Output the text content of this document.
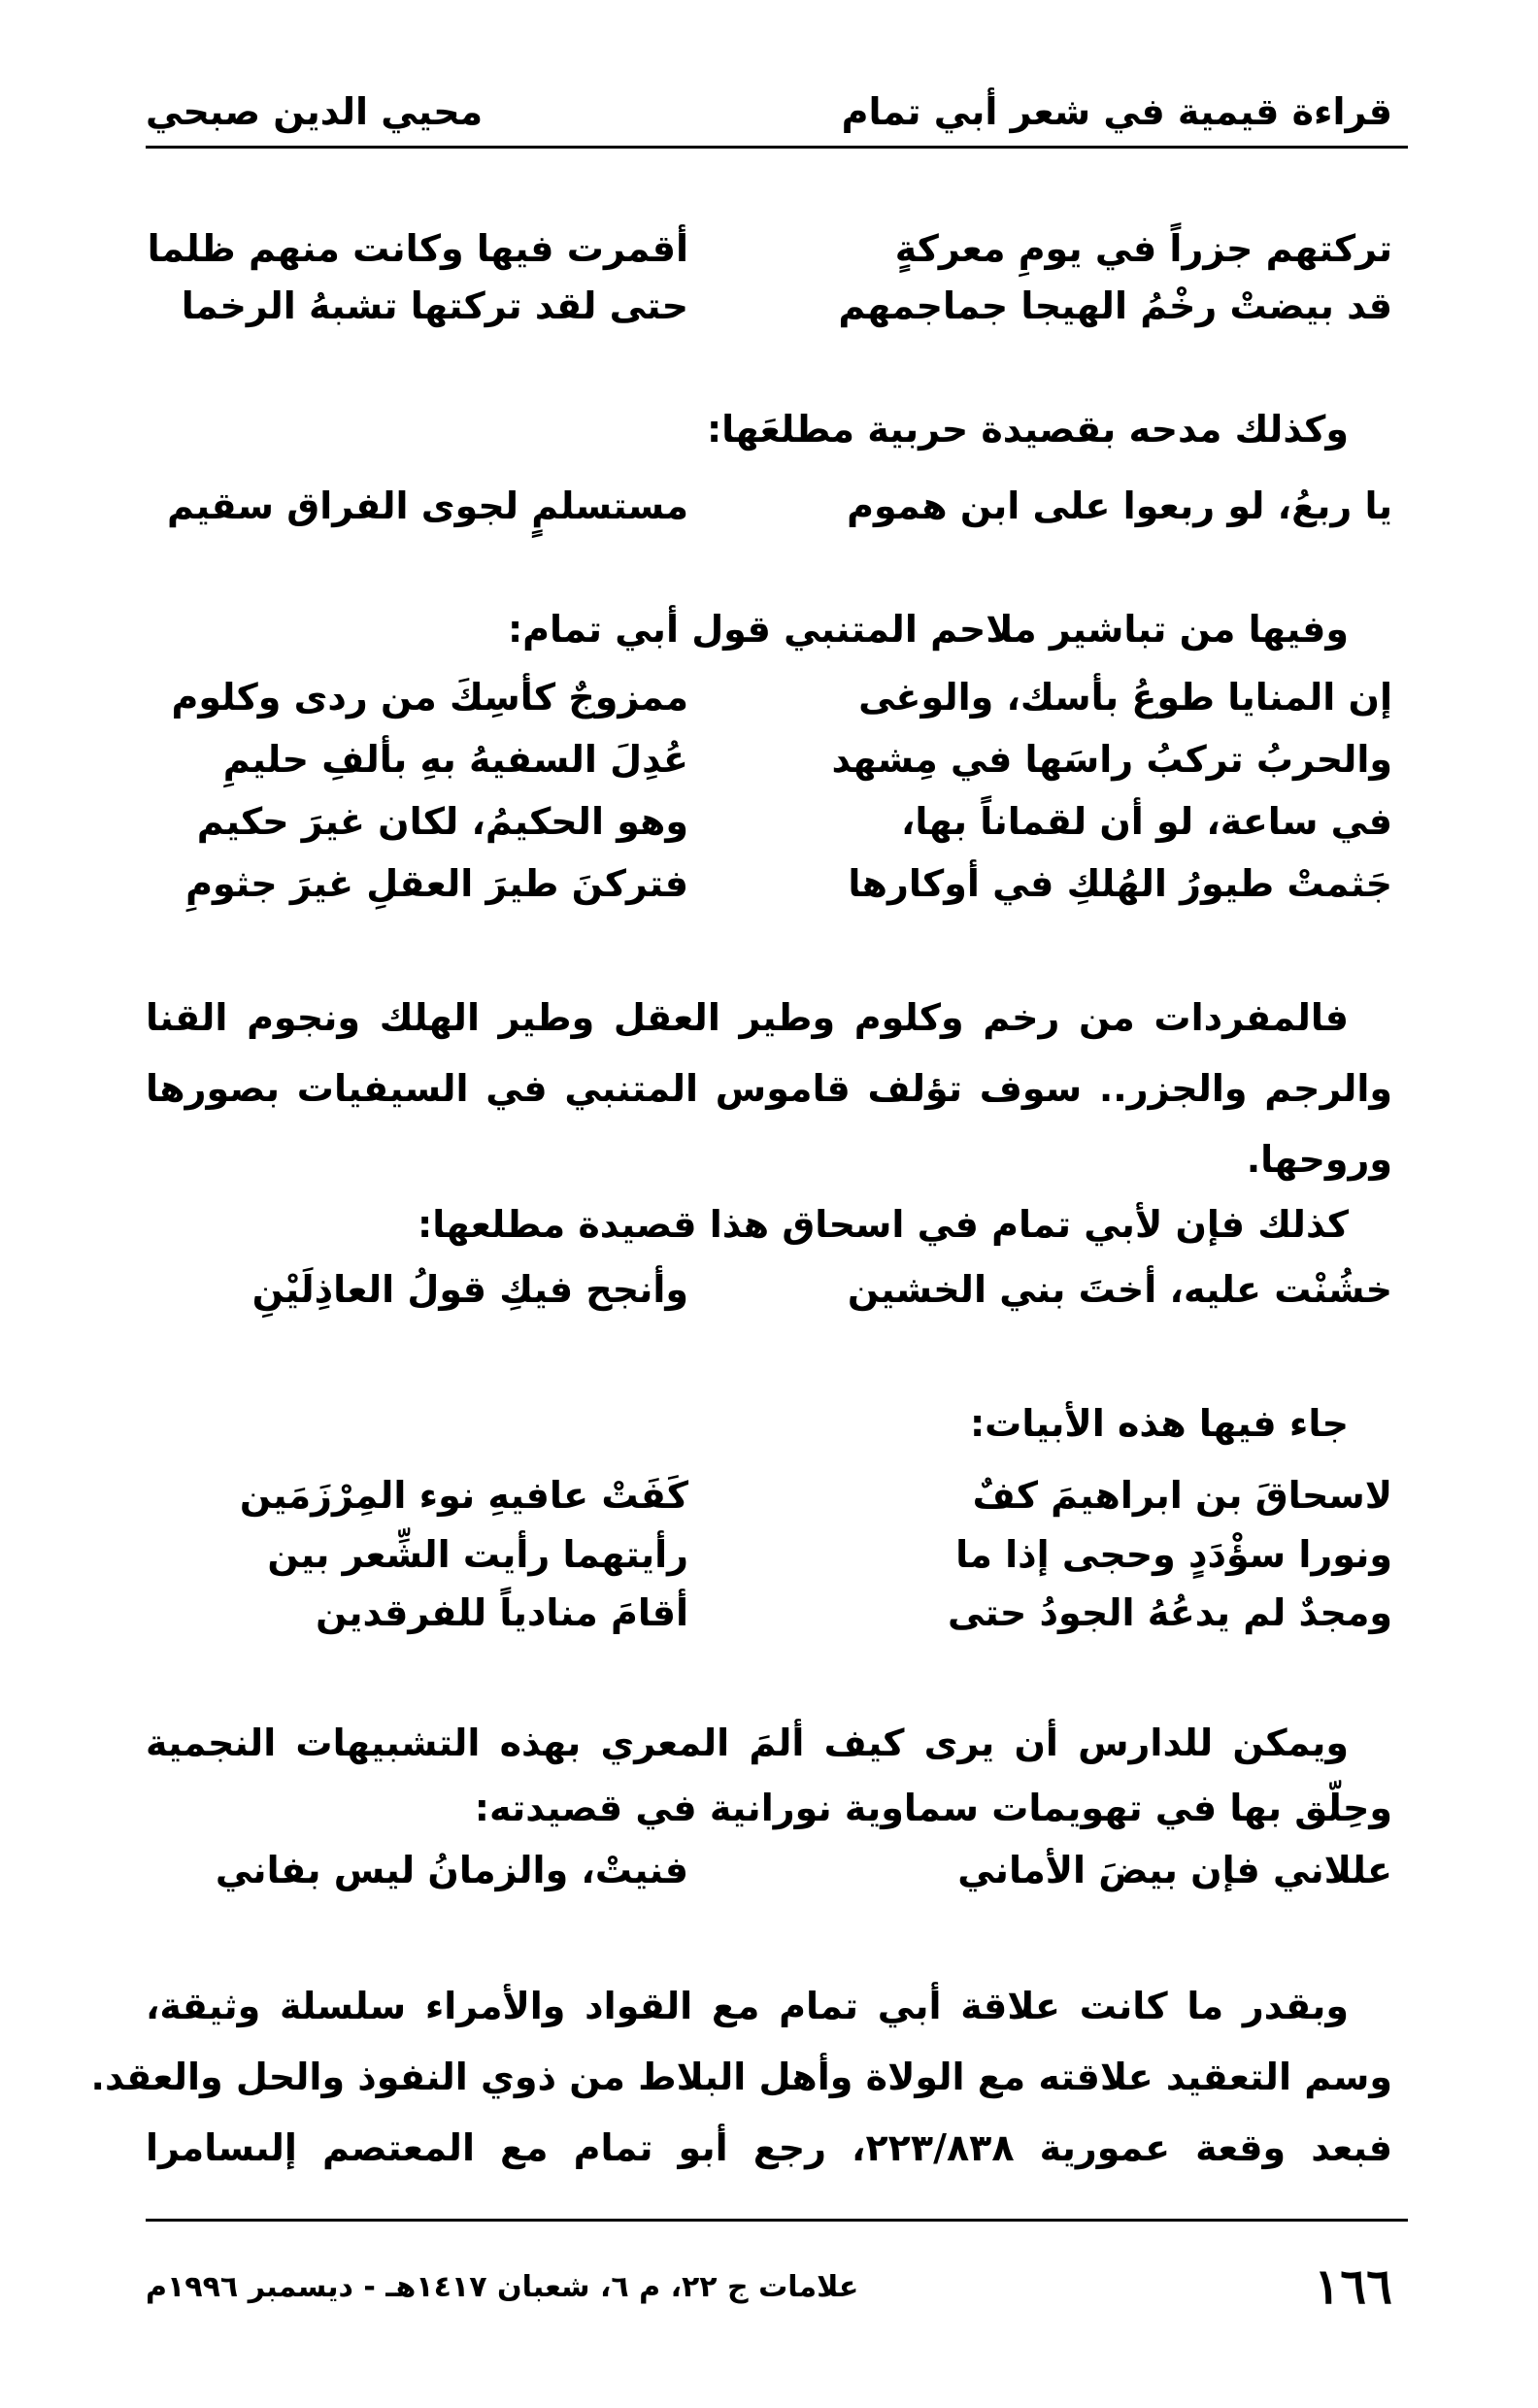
قراءة قيمية في شعر أبي تمام
محيي الدين صبحي
تركتهم جزراً في يومِ معركةٍ
أقمرت فيها وكانت منهم ظلما
قد بيضتْ رخْمُ الهيجا جماجمهم
حتى لقد تركتها تشبهُ الرخما
وكذلك مدحه بقصيدة حربية مطلعَها:
يا ربعُ، لو ربعوا على ابن هموم
مستسلمٍ لجوى الفراق سقيم
وفيها من تباشير ملاحم المتنبي قول أبي تمام:
إن المنايا طوعُ بأسك، والوغى
ممزوجٌ كأسِكَ من ردى وكلوم
والحربُ تركبُ راسَها في مِشهد
عُدِلَ السفيهُ بهِ بألفِ حليمِ
في ساعة، لو أن لقماناً بها،
وهو الحكيمُ، لكان غيرَ حكيم
جَثمتْ طيورُ الهُلكِ في أوكارها
فتركنَ طيرَ العقلِ غيرَ جثومِ
فالمفردات من رخم وكلوم وطير العقل وطير الهلك ونجوم القنا
والرجم والجزر.. سوف تؤلف قاموس المتنبي في السيفيات بصورها
وروحها.
كذلك فإن لأبي تمام في اسحاق هذا قصيدة مطلعها:
خشُنْت عليه، أختَ بني الخشين
وأنجح فيكِ قولُ العاذِلَيْنِ
جاء فيها هذه الأبيات:
لاسحاقَ بن ابراهيمَ كفٌ
كَفَتْ عافيهِ نوء المِرْزَمَين
ونورا سؤْدَدٍ وحجى إذا ما
رأيتهما رأيت الشِّعر بين
ومجدٌ لم يدعُهُ الجودُ حتى
أقامَ منادياً للفرقدين
ويمكن للدارس أن يرى كيف ألمَ المعري بهذه التشبيهات النجمية
وحِلّق بها في تهويمات سماوية نورانية في قصيدته:
عللاني فإن بيضَ الأماني
فنيتْ، والزمانُ ليس بفاني
وبقدر ما كانت علاقة أبي تمام مع القواد والأمراء سلسلة وثيقة،
وسم التعقيد علاقته مع الولاة وأهل البلاط من ذوي النفوذ والحل والعقد.
فبعد وقعة عمورية ٢٢٣/٨٣٨، رجع أبو تمام مع المعتصم إلىسامرا
١٦٦
علامات ج ٢٢، م ٦، شعبان ١٤١٧هـ - ديسمبر ١٩٩٦م
